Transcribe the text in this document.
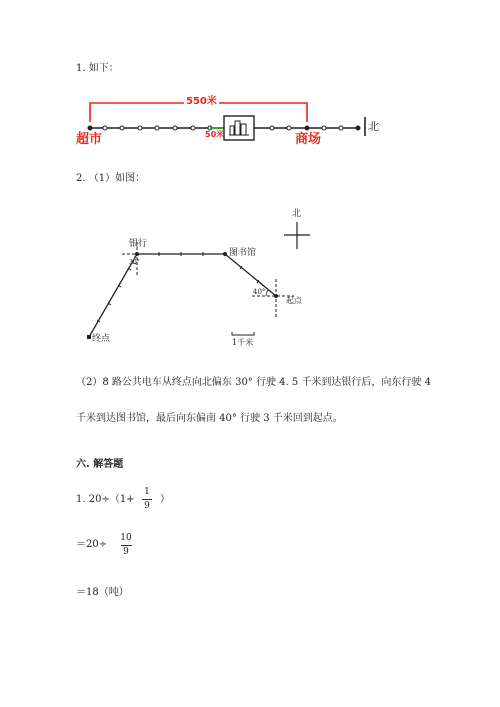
1. 如下：
550米
50米
超市	商场
北
2. （1）如图：
北
银行
图书馆
30°
40°
起点
终点	1千米
（2）8 路公共电车从终点向北偏东 30° 行驶 4. 5 千米到达银行后，向东行驶 4
千米到达图书馆，最后向东偏南 40° 行驶 3 千米回到起点。
六. 解答题
1. 20÷（1+
1
9
）
＝20÷
10
9
＝18（吨）
